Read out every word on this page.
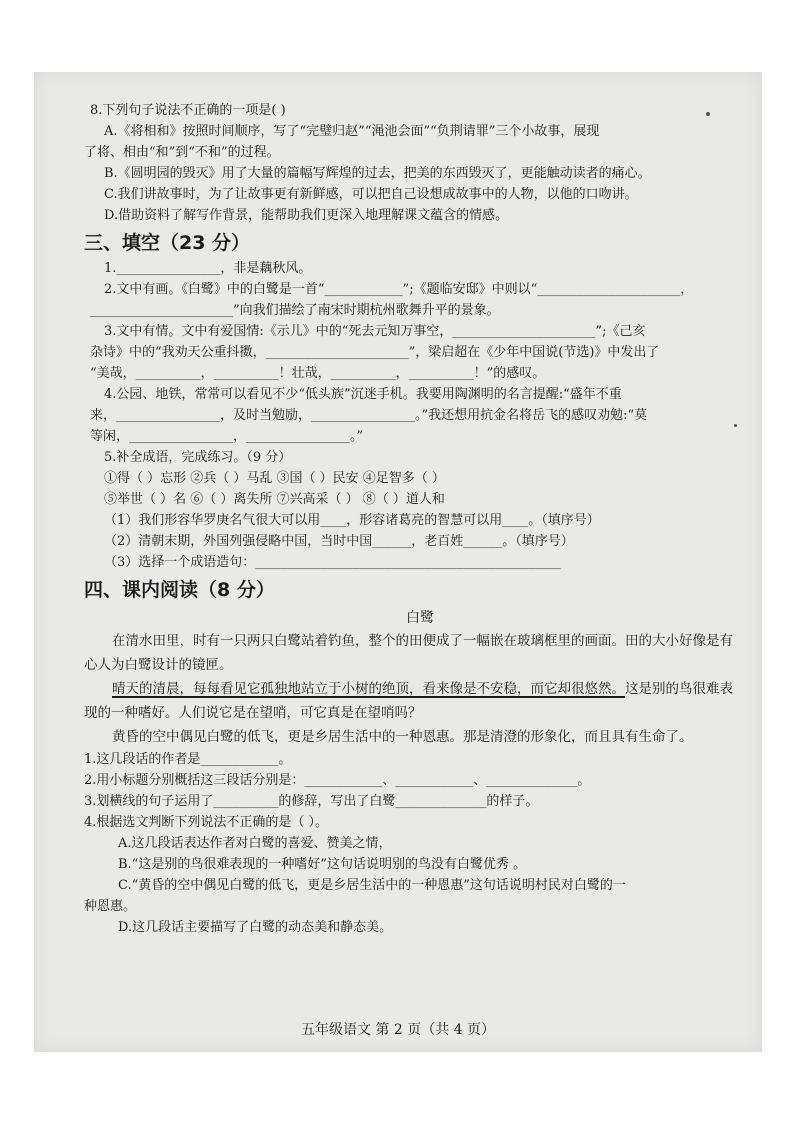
8.下列句子说法不正确的一项是( )
A.《将相和》按照时间顺序，写了“完璧归赵”“渑池会面”“负荆请罪”三个小故事，展现
了将、相由“和”到“不和”的过程。
B.《圆明园的毁灭》用了大量的篇幅写辉煌的过去，把美的东西毁灭了，更能触动读者的痛心。
C.我们讲故事时，为了让故事更有新鲜感，可以把自己设想成故事中的人物，以他的口吻讲。
D.借助资料了解写作背景，能帮助我们更深入地理解课文蕴含的情感。
三、填空（23 分）
1.________________，非是藕秋风。
2.文中有画。《白鹭》中的白鹭是一首“____________”;《题临安邸》中则以“______________________，
______________________”向我们描绘了南宋时期杭州歌舞升平的景象。
3.文中有情。文中有爱国情:《示儿》中的“死去元知万事空，______________________”;《己亥
杂诗》中的“我劝天公重抖擞，______________________”，梁启超在《少年中国说(节选)》中发出了
“美哉，__________，__________！壮哉，__________，__________！”的感叹。
4.公园、地铁，常常可以看见不少“低头族”沉迷手机。我要用陶渊明的名言提醒:“盛年不重
来，________________，及时当勉励，________________。”我还想用抗金名将岳飞的感叹劝勉:“莫
等闲，________________，________________。”
5.补全成语，完成练习。（9 分）
①得（ ）忘形 ②兵（ ）马乱 ③国（ ）民安 ④足智多（ ）
⑤举世（ ）名 ⑥（ ）离失所 ⑦兴高采（ ） ⑧（ ）道人和
（1）我们形容华罗庚名气很大可以用____，形容诸葛亮的智慧可以用____。（填序号）
（2）清朝末期，外国列强侵略中国，当时中国______，老百姓______。（填序号）
（3）选择一个成语造句：_______________________________________________
四、课内阅读（8 分）
白鹭
在清水田里，时有一只两只白鹭站着钓鱼，整个的田便成了一幅嵌在玻璃框里的画面。田的大小好像是有心人为白鹭设计的镜匣。
晴天的清晨，每每看见它孤独地站立于小树的绝顶，看来像是不安稳，而它却很悠然。这是别的鸟很难表现的一种嗜好。人们说它是在望哨，可它真是在望哨吗？
黄昏的空中偶见白鹭的低飞，更是乡居生活中的一种恩惠。那是清澄的形象化，而且具有生命了。
1.这几段话的作者是____________。
2.用小标题分别概括这三段话分别是：____________、____________、______________。
3.划横线的句子运用了__________的修辞，写出了白鹭______________的样子。
4.根据选文判断下列说法不正确的是（ ）。
A.这几段话表达作者对白鹭的喜爱、赞美之情，
B.“这是别的鸟很难表现的一种嗜好”这句话说明别的鸟没有白鹭优秀 。
C.“黄昏的空中偶见白鹭的低飞，更是乡居生活中的一种恩惠”这句话说明村民对白鹭的一
种恩惠。
D.这几段话主要描写了白鹭的动态美和静态美。
五年级语文 第 2 页（共 4 页）
